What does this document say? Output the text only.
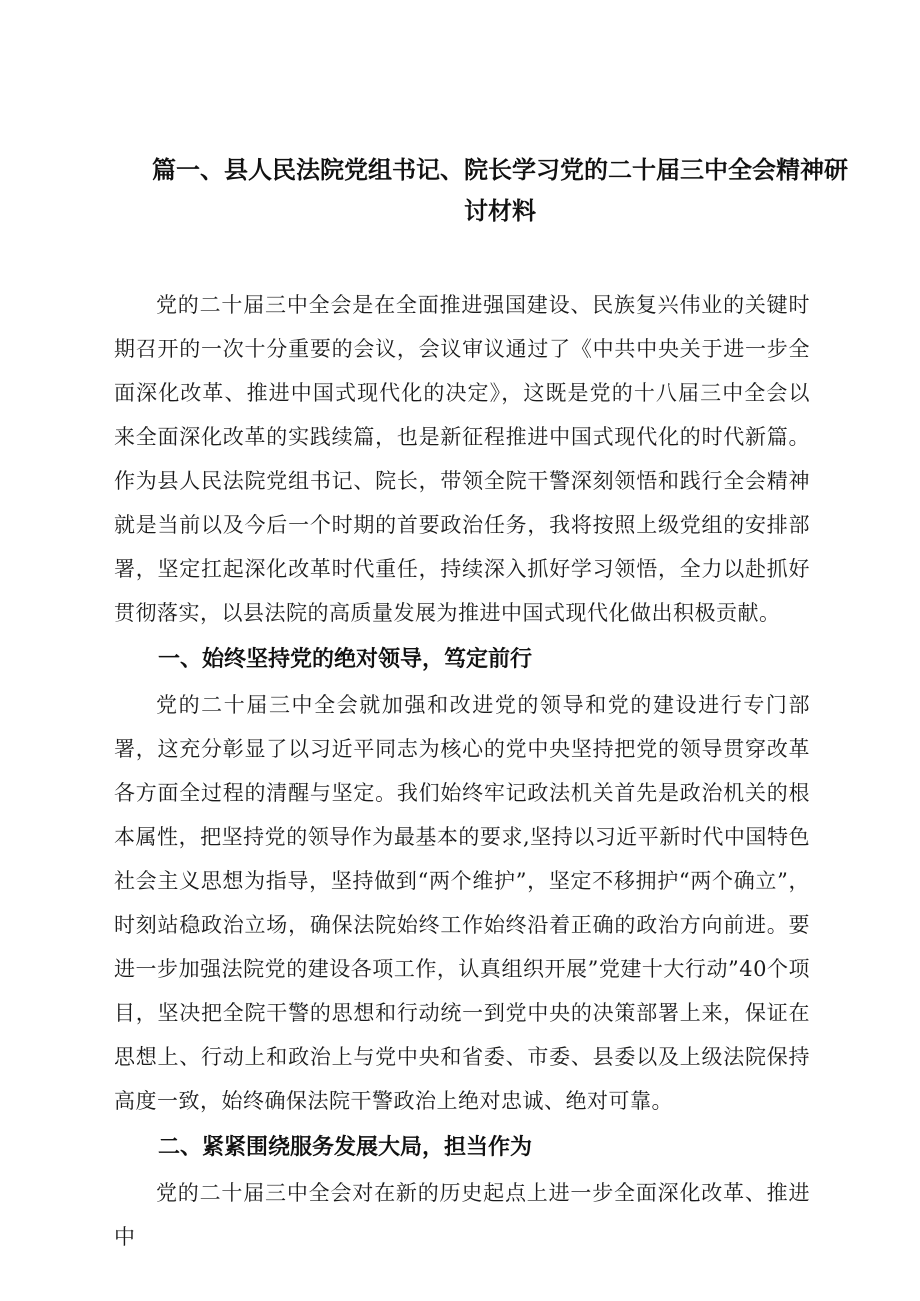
篇一、县人民法院党组书记、院长学习党的二十届三中全会精神研
讨材料

党的二十届三中全会是在全面推进强国建设、民族复兴伟业的关键时期召开的一次十分重要的会议，会议审议通过了《中共中央关于进一步全面深化改革、推进中国式现代化的决定》，这既是党的十八届三中全会以来全面深化改革的实践续篇，也是新征程推进中国式现代化的时代新篇。作为县人民法院党组书记、院长，带领全院干警深刻领悟和践行全会精神就是当前以及今后一个时期的首要政治任务，我将按照上级党组的安排部署，坚定扛起深化改革时代重任，持续深入抓好学习领悟，全力以赴抓好贯彻落实，以县法院的高质量发展为推进中国式现代化做出积极贡献。

一、始终坚持党的绝对领导，笃定前行

党的二十届三中全会就加强和改进党的领导和党的建设进行专门部署，这充分彰显了以习近平同志为核心的党中央坚持把党的领导贯穿改革各方面全过程的清醒与坚定。我们始终牢记政法机关首先是政治机关的根本属性，把坚持党的领导作为最基本的要求,坚持以习近平新时代中国特色社会主义思想为指导，坚持做到“两个维护”，坚定不移拥护“两个确立”，时刻站稳政治立场，确保法院始终工作始终沿着正确的政治方向前进。要进一步加强法院党的建设各项工作，认真组织开展”党建十大行动”40个项目，坚决把全院干警的思想和行动统一到党中央的决策部署上来，保证在思想上、行动上和政治上与党中央和省委、市委、县委以及上级法院保持高度一致，始终确保法院干警政治上绝对忠诚、绝对可靠。

二、紧紧围绕服务发展大局，担当作为

党的二十届三中全会对在新的历史起点上进一步全面深化改革、推进中
